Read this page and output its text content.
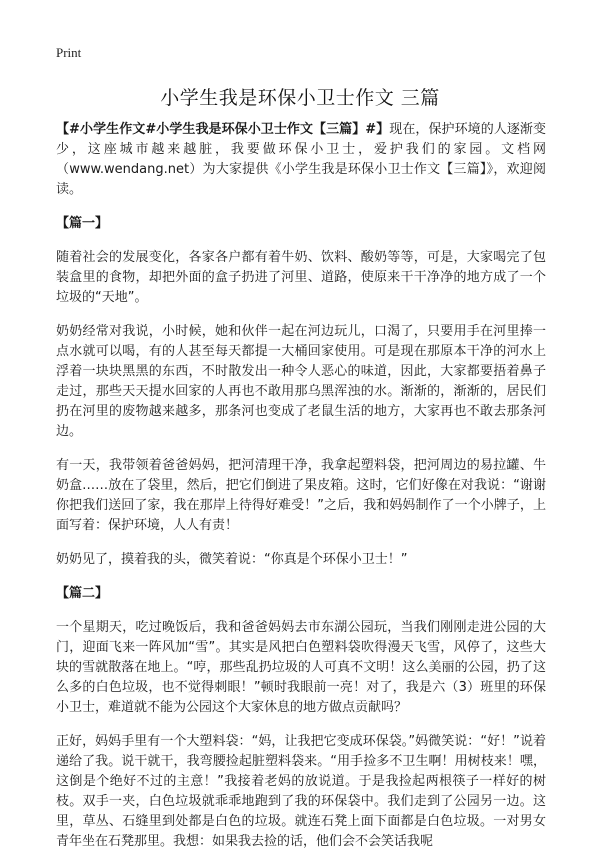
Print
小学生我是环保小卫士作文 三篇

【#小学生作文#小学生我是环保小卫士作文【三篇】#】现在，保护环境的人逐渐变少，这座城市越来越脏，我要做环保小卫士，爱护我们的家园。文档网（www.wendang.net）为大家提供《小学生我是环保小卫士作文【三篇】》，欢迎阅读。

【篇一】

随着社会的发展变化，各家各户都有着牛奶、饮料、酸奶等等，可是，大家喝完了包装盒里的食物，却把外面的盒子扔进了河里、道路，使原来干干净净的地方成了一个垃圾的“天地”。

奶奶经常对我说，小时候，她和伙伴一起在河边玩儿，口渴了，只要用手在河里捧一点水就可以喝，有的人甚至每天都提一大桶回家使用。可是现在那原本干净的河水上浮着一块块黑黑的东西，不时散发出一种令人恶心的味道，因此，大家都要捂着鼻子走过，那些天天提水回家的人再也不敢用那乌黑浑浊的水。渐渐的，渐渐的，居民们扔在河里的废物越来越多，那条河也变成了老鼠生活的地方，大家再也不敢去那条河边。

有一天，我带领着爸爸妈妈，把河清理干净，我拿起塑料袋，把河周边的易拉罐、牛奶盒……放在了袋里，然后，把它们倒进了果皮箱。这时，它们好像在对我说：“谢谢你把我们送回了家，我在那岸上待得好难受！”之后，我和妈妈制作了一个小牌子，上面写着：保护环境，人人有责！

奶奶见了，摸着我的头，微笑着说：“你真是个环保小卫士！”

【篇二】

一个星期天，吃过晚饭后，我和爸爸妈妈去市东湖公园玩，当我们刚刚走进公园的大门，迎面飞来一阵风加“雪”。其实是风把白色塑料袋吹得漫天飞雪，风停了，这些大块的雪就散落在地上。“哼，那些乱扔垃圾的人可真不文明！这么美丽的公园，扔了这么多的白色垃圾，也不觉得刺眼！”顿时我眼前一亮！对了，我是六（3）班里的环保小卫士，难道就不能为公园这个大家休息的地方做点贡献吗？

正好，妈妈手里有一个大塑料袋：“妈，让我把它变成环保袋。”妈微笑说：“好！”说着递给了我。说干就干，我弯腰捡起脏塑料袋来。“用手捡多不卫生啊！用树枝来！嘿，这倒是个绝好不过的主意！”我接着老妈的放说道。于是我捡起两根筷子一样好的树枝。双手一夹，白色垃圾就乖乖地跑到了我的环保袋中。我们走到了公园另一边。这里，草丛、石缝里到处都是白色的垃圾。就连石凳上面下面都是白色垃圾。一对男女青年坐在石凳那里。我想：如果我去捡的话，他们会不会笑话我呢
